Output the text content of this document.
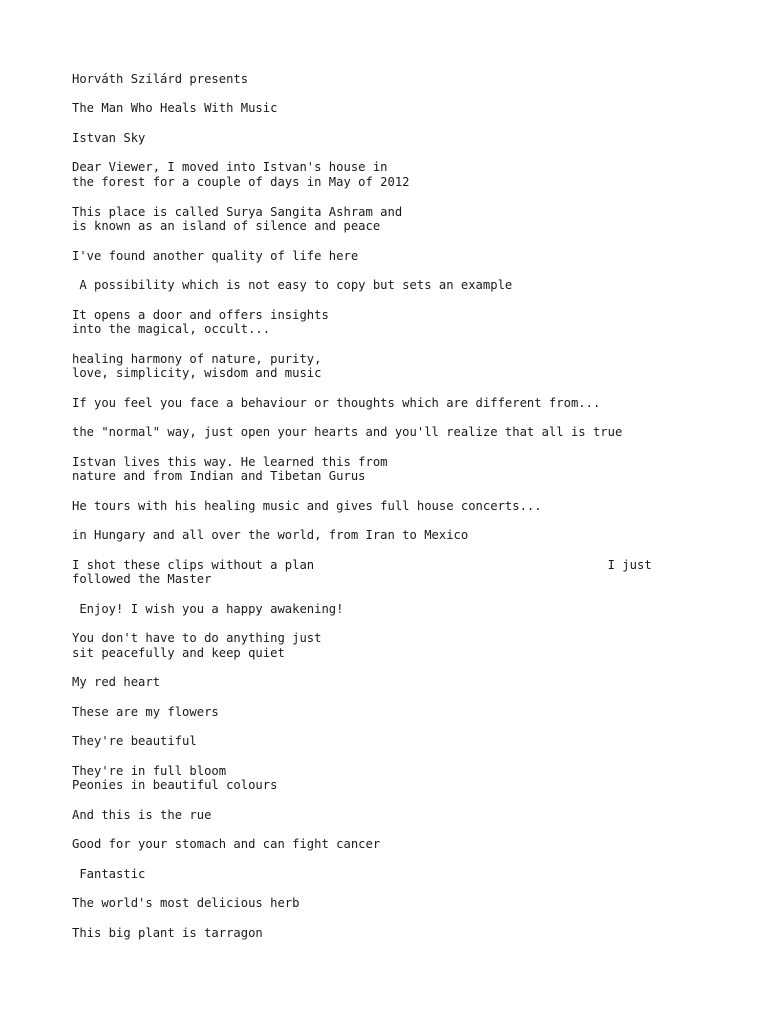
Horváth Szilárd presents

The Man Who Heals With Music

Istvan Sky

Dear Viewer, I moved into Istvan's house in
the forest for a couple of days in May of 2012

This place is called Surya Sangita Ashram and
is known as an island of silence and peace

I've found another quality of life here

A possibility which is not easy to copy but sets an example

It opens a door and offers insights
into the magical, occult...

healing harmony of nature, purity,
love, simplicity, wisdom and music

If you feel you face a behaviour or thoughts which are different from...

the "normal" way, just open your hearts and you'll realize that all is true

Istvan lives this way. He learned this from
nature and from Indian and Tibetan Gurus

He tours with his healing music and gives full house concerts...

in Hungary and all over the world, from Iran to Mexico

I shot these clips without a plan                                        I just
followed the Master

Enjoy! I wish you a happy awakening!

You don't have to do anything just
sit peacefully and keep quiet

My red heart

These are my flowers

They're beautiful

They're in full bloom
Peonies in beautiful colours

And this is the rue

Good for your stomach and can fight cancer

Fantastic

The world's most delicious herb

This big plant is tarragon
